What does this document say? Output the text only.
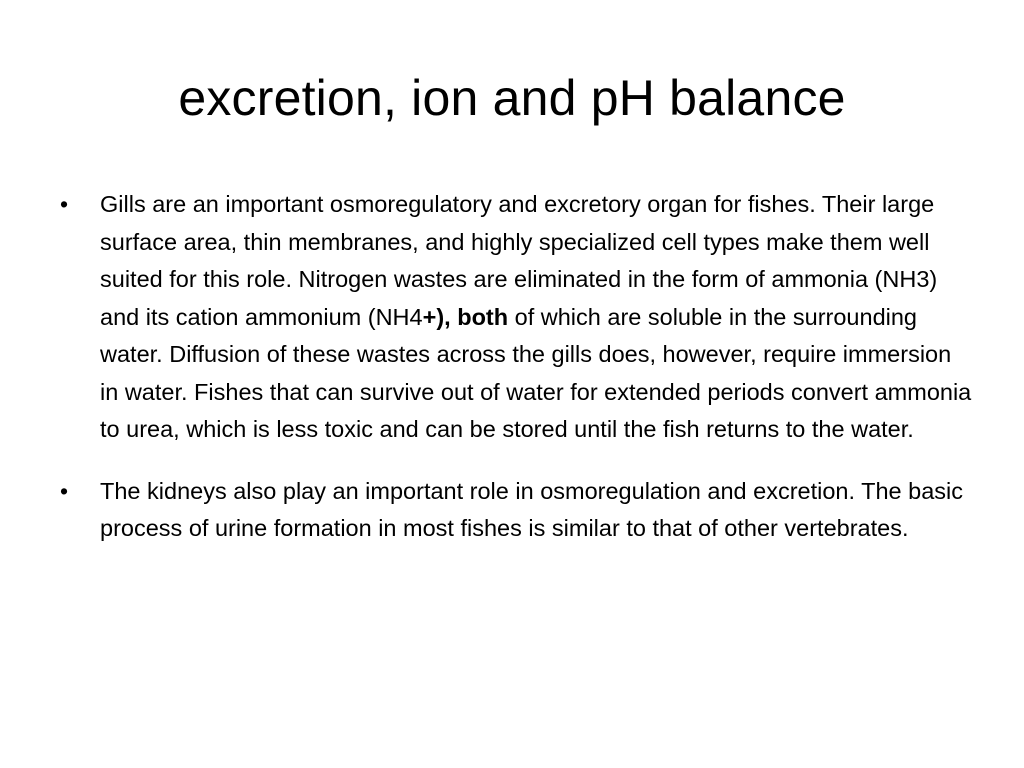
excretion, ion and pH balance
• Gills are an important osmoregulatory and excretory organ for fishes. Their large surface area, thin membranes, and highly specialized cell types make them well suited for this role. Nitrogen wastes are eliminated in the form of ammonia (NH3) and its cation ammonium (NH4+), both of which are soluble in the surrounding water. Diffusion of these wastes across the gills does, however, require immersion in water. Fishes that can survive out of water for extended periods convert ammonia to urea, which is less toxic and can be stored until the fish returns to the water.
• The kidneys also play an important role in osmoregulation and excretion. The basic process of urine formation in most fishes is similar to that of other vertebrates.
